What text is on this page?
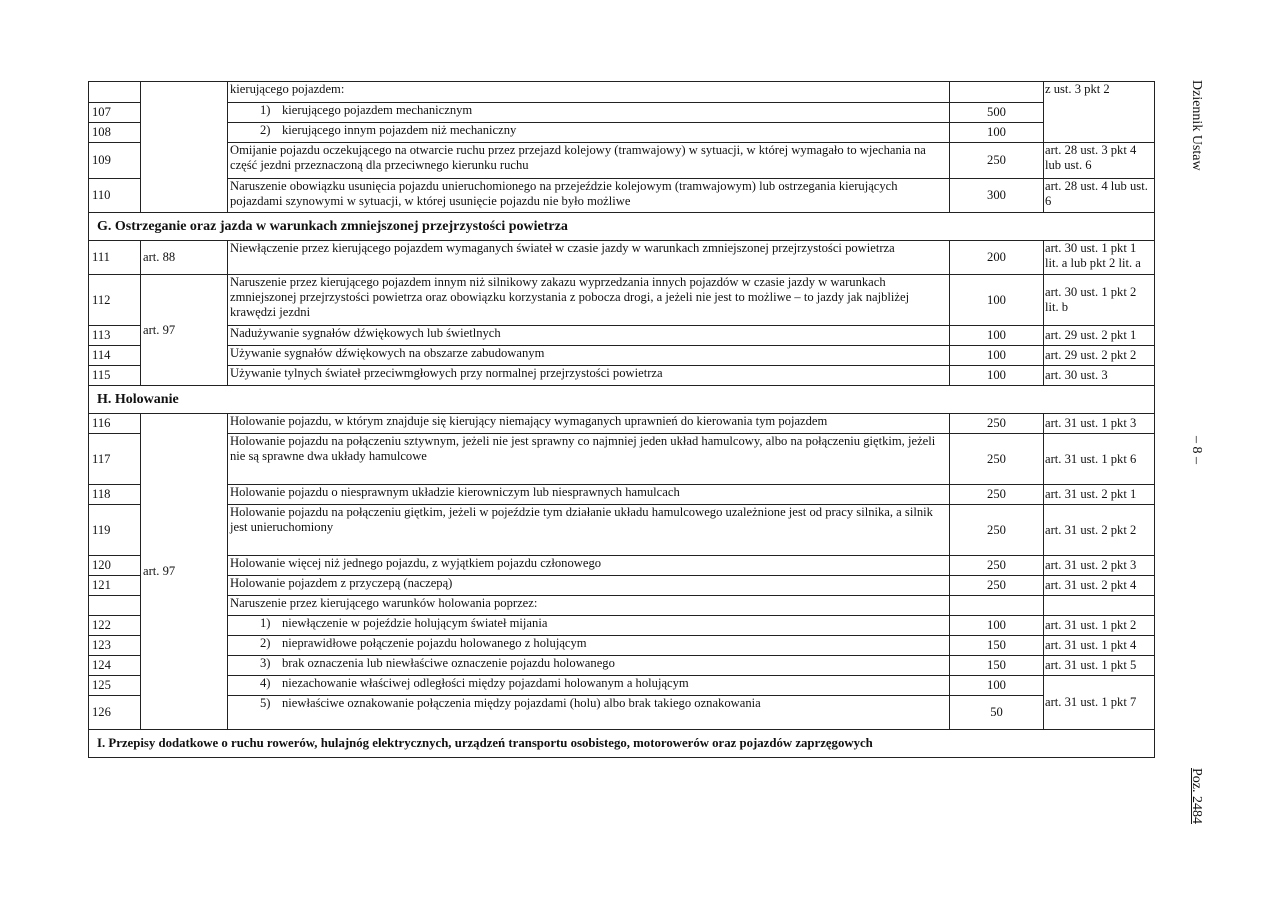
Dziennik Ustaw
– 8 –
Poz. 2484
		kierującego pojazdem:		z ust. 3 pkt 2
107		1) kierującego pojazdem mechanicznym	500	
108		2) kierującego innym pojazdem niż mechaniczny	100	
109		Omijanie pojazdu oczekującego na otwarcie ruchu przez przejazd kolejowy (tramwajowy) w sytuacji, w której wymagało to wjechania na część jezdni przeznaczoną dla przeciwnego kierunku ruchu	250	art. 28 ust. 3 pkt 4 lub ust. 6
110		Naruszenie obowiązku usunięcia pojazdu unieruchomionego na przejeździe kolejowym (tramwajowym) lub ostrzegania kierujących pojazdami szynowymi w sytuacji, w której usunięcie pojazdu nie było możliwe	300	art. 28 ust. 4 lub ust. 6
G. Ostrzeganie oraz jazda w warunkach zmniejszonej przejrzystości powietrza				
111	art. 88	Niewłączenie przez kierującego pojazdem wymaganych świateł w czasie jazdy w warunkach zmniejszonej przejrzystości powietrza	200	art. 30 ust. 1 pkt 1 lit. a lub pkt 2 lit. a
112	art. 97	Naruszenie przez kierującego pojazdem innym niż silnikowy zakazu wyprzedzania innych pojazdów w czasie jazdy w warunkach zmniejszonej przejrzystości powietrza oraz obowiązku korzystania z pobocza drogi, a jeżeli nie jest to możliwe – to jazdy jak najbliżej krawędzi jezdni	100	art. 30 ust. 1 pkt 2 lit. b
113		Nadużywanie sygnałów dźwiękowych lub świetlnych	100	art. 29 ust. 2 pkt 1
114		Używanie sygnałów dźwiękowych na obszarze zabudowanym	100	art. 29 ust. 2 pkt 2
115		Używanie tylnych świateł przeciwmgłowych przy normalnej przejrzystości powietrza	100	art. 30 ust. 3
H. Holowanie				
116	art. 97	Holowanie pojazdu, w którym znajduje się kierujący niemający wymaganych uprawnień do kierowania tym pojazdem	250	art. 31 ust. 1 pkt 3
117		Holowanie pojazdu na połączeniu sztywnym, jeżeli nie jest sprawny co najmniej jeden układ hamulcowy, albo na połączeniu giętkim, jeżeli nie są sprawne dwa układy hamulcowe	250	art. 31 ust. 1 pkt 6
118		Holowanie pojazdu o niesprawnym układzie kierowniczym lub niesprawnych hamulcach	250	art. 31 ust. 2 pkt 1
119		Holowanie pojazdu na połączeniu giętkim, jeżeli w pojeździe tym działanie układu hamulcowego uzależnione jest od pracy silnika, a silnik jest unieruchomiony	250	art. 31 ust. 2 pkt 2
120		Holowanie więcej niż jednego pojazdu, z wyjątkiem pojazdu członowego	250	art. 31 ust. 2 pkt 3
121		Holowanie pojazdem z przyczepą (naczepą)	250	art. 31 ust. 2 pkt 4
		Naruszenie przez kierującego warunków holowania poprzez:		
122		1) niewłączenie w pojeździe holującym świateł mijania	100	art. 31 ust. 1 pkt 2
123		2) nieprawidłowe połączenie pojazdu holowanego z holującym	150	art. 31 ust. 1 pkt 4
124		3) brak oznaczenia lub niewłaściwe oznaczenie pojazdu holowanego	150	art. 31 ust. 1 pkt 5
125		4) niezachowanie właściwej odległości między pojazdami holowanym a holującym	100	art. 31 ust. 1 pkt 7
126		5) niewłaściwe oznakowanie połączenia między pojazdami (holu) albo brak takiego oznakowania	50	
I. Przepisy dodatkowe o ruchu rowerów, hulajnóg elektrycznych, urządzeń transportu osobistego, motorowerów oraz pojazdów zaprzęgowych				
